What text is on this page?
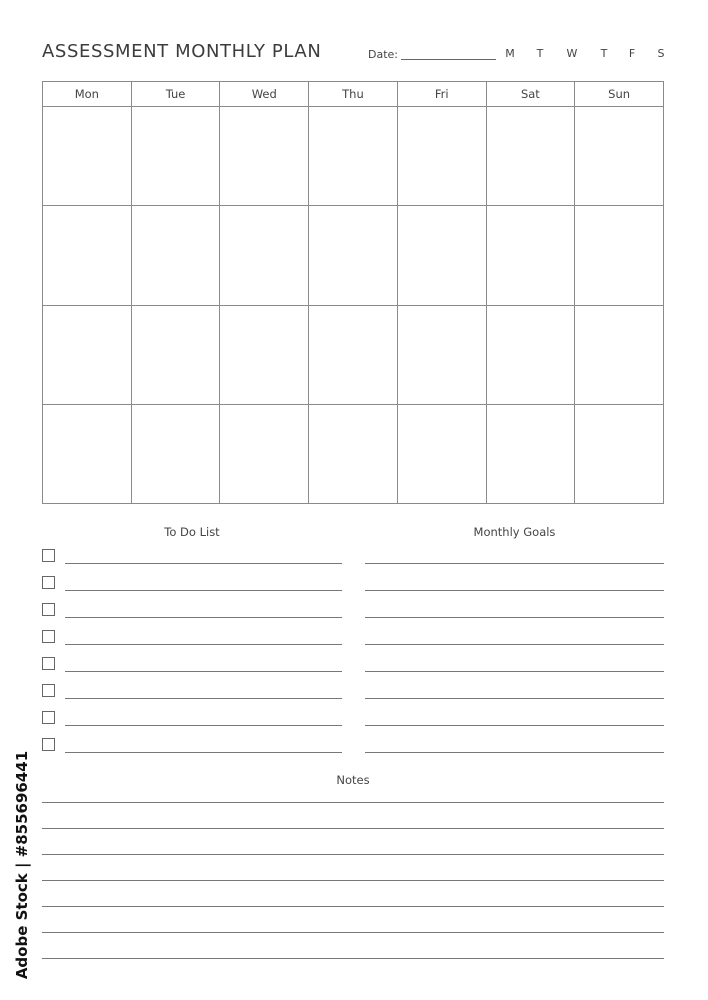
ASSESSMENT MONTHLY PLAN	Date:	M	T	W	T	F	S
Mon	Tue	Wed	Thu	Fri	Sat	Sun

To Do List	Monthly Goals
Notes
Adobe Stock | #855696441
